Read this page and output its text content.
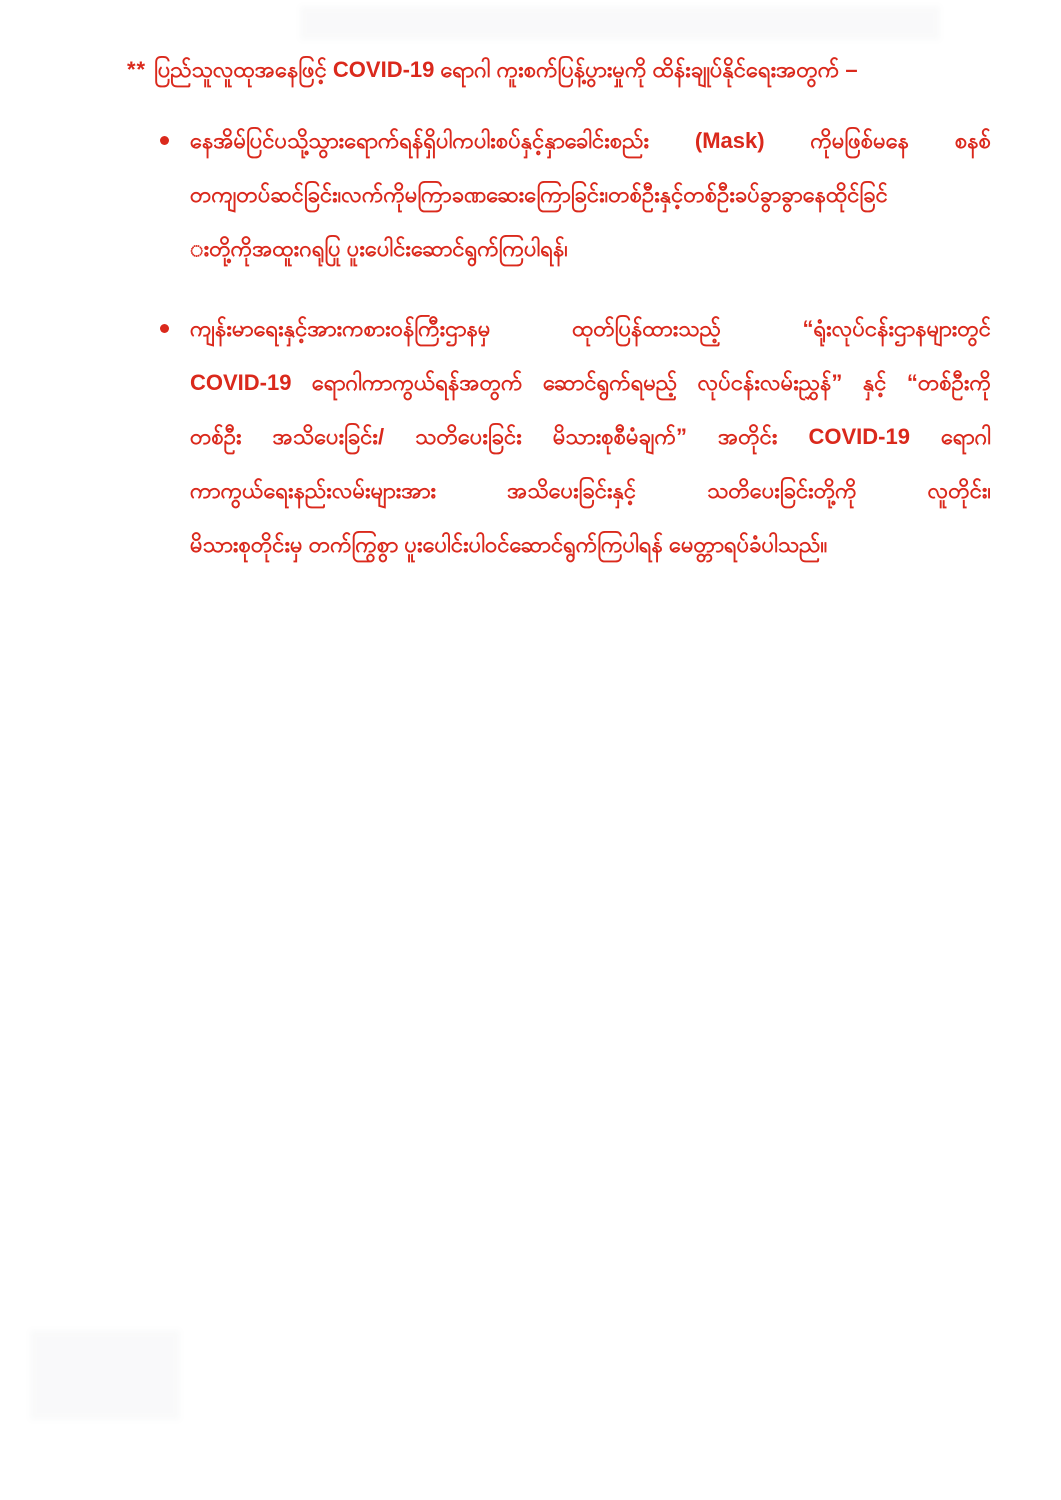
** ပြည်သူလူထုအနေဖြင့် COVID-19 ရောဂါ ကူးစက်ပြန့်ပွားမှုကို ထိန်းချုပ်နိုင်ရေးအတွက် –
နေအိမ်ပြင်ပသို့သွားရောက်ရန်ရှိပါကပါးစပ်နှင့်နှာခေါင်းစည်း (Mask) ကိုမဖြစ်မနေ စနစ်
တကျတပ်ဆင်ခြင်း၊လက်ကိုမကြာခဏဆေးကြောခြင်း၊တစ်ဦးနှင့်တစ်ဦးခပ်ခွာခွာနေထိုင်ခြင်
◌းတို့ကိုအထူးဂရုပြု ပူးပေါင်းဆောင်ရွက်ကြပါရန်၊
ကျန်းမာရေးနှင့်အားကစားဝန်ကြီးဌာနမှ ထုတ်ပြန်ထားသည့် “ရုံးလုပ်ငန်းဌာနများတွင်
COVID-19 ရောဂါကာကွယ်ရန်အတွက် ဆောင်ရွက်ရမည့် လုပ်ငန်းလမ်းညွှန်” နှင့် “တစ်ဦးကို
တစ်ဦး အသိပေးခြင်း/ သတိပေးခြင်း မိသားစုစီမံချက်” အတိုင်း COVID-19 ရောဂါ
ကာကွယ်ရေးနည်းလမ်းများအား အသိပေးခြင်းနှင့် သတိပေးခြင်းတို့ကို လူတိုင်း၊
မိသားစုတိုင်းမှ တက်ကြွစွာ ပူးပေါင်းပါဝင်ဆောင်ရွက်ကြပါရန် မေတ္တာရပ်ခံပါသည်။
